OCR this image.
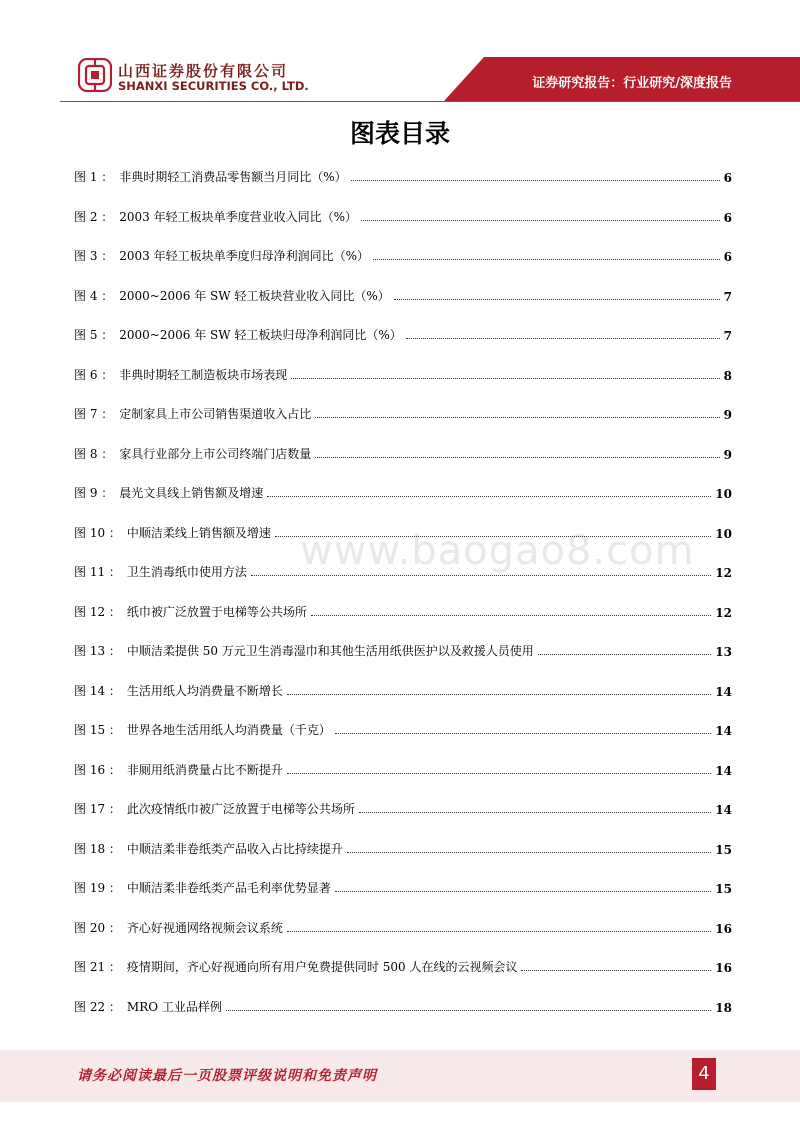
山西证券股份有限公司
SHANXI SECURITIES CO., LTD.	证券研究报告：行业研究/深度报告
图表目录
www.baogao8.com
图 1 ： 非典时期轻工消费品零售额当月同比（%）	6
图 2 ： 2003 年轻工板块单季度营业收入同比（%）	6
图 3 ： 2003 年轻工板块单季度归母净利润同比（%）	6
图 4 ： 2000~2006 年 SW 轻工板块营业收入同比（%）	7
图 5 ： 2000~2006 年 SW 轻工板块归母净利润同比（%）	7
图 6 ： 非典时期轻工制造板块市场表现	8
图 7 ： 定制家具上市公司销售渠道收入占比	9
图 8 ： 家具行业部分上市公司终端门店数量	9
图 9 ： 晨光文具线上销售额及增速	10
图 10 ： 中顺洁柔线上销售额及增速	10
图 11 ： 卫生消毒纸巾使用方法	12
图 12 ： 纸巾被广泛放置于电梯等公共场所	12
图 13 ： 中顺洁柔提供 50 万元卫生消毒湿巾和其他生活用纸供医护以及救援人员使用	13
图 14 ： 生活用纸人均消费量不断增长	14
图 15 ： 世界各地生活用纸人均消费量（千克）	14
图 16 ： 非厕用纸消费量占比不断提升	14
图 17 ： 此次疫情纸巾被广泛放置于电梯等公共场所	14
图 18 ： 中顺洁柔非卷纸类产品收入占比持续提升	15
图 19 ： 中顺洁柔非卷纸类产品毛利率优势显著	15
图 20 ： 齐心好视通网络视频会议系统	16
图 21 ： 疫情期间，齐心好视通向所有用户免费提供同时 500 人在线的云视频会议	16
图 22 ： MRO 工业品样例	18
请务必阅读最后一页股票评级说明和免责声明	4
